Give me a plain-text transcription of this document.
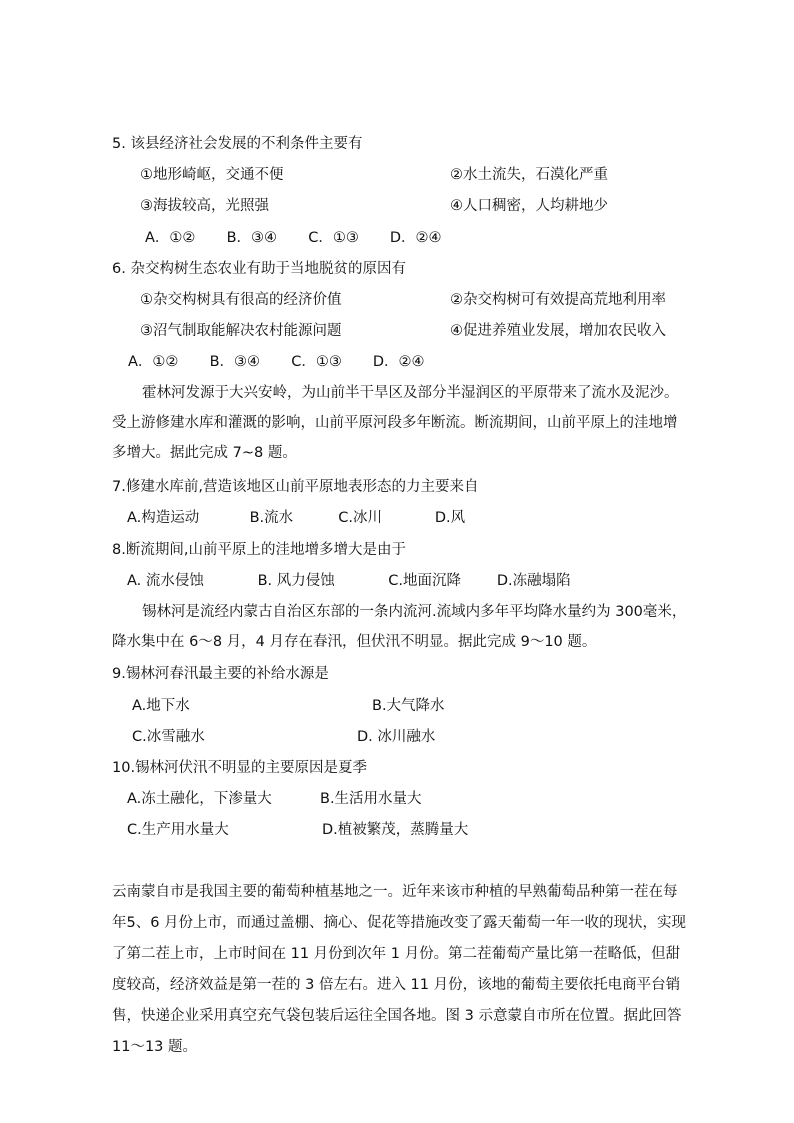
5. 该县经济社会发展的不利条件主要有
①地形崎岖，交通不便	②水土流失，石漠化严重
③海拔较高，光照强	④人口稠密，人均耕地少
A．①② B．③④ C．①③ D．②④
6. 杂交构树生态农业有助于当地脱贫的原因有
①杂交构树具有很高的经济价值	②杂交构树可有效提高荒地利用率
③沼气制取能解决农村能源问题	④促进养殖业发展，增加农民收入
A．①② B．③④ C．①③ D．②④
霍林河发源于大兴安岭，为山前半干旱区及部分半湿润区的平原带来了流水及泥沙。受上游修建水库和灌溉的影响，山前平原河段多年断流。断流期间，山前平原上的洼地增多增大。据此完成 7~8 题。
7.修建水库前,营造该地区山前平原地表形态的力主要来自
A.构造运动	B.流水	C.冰川	D.风
8.断流期间,山前平原上的洼地增多增大是由于
A. 流水侵蚀	B. 风力侵蚀	C.地面沉降 D.冻融塌陷
锡林河是流经内蒙古自治区东部的一条内流河.流域内多年平均降水量约为 300毫米，降水集中在 6～8 月，4 月存在春汛，但伏汛不明显。据此完成 9～10 题。
9.锡林河春汛最主要的补给水源是
A.地下水	B.大气降水
C.冰雪融水	D. 冰川融水
10.锡林河伏汛不明显的主要原因是夏季
A.冻土融化，下渗量大	B.生活用水量大
C.生产用水量大	D.植被繁茂，蒸腾量大
云南蒙自市是我国主要的葡萄种植基地之一。近年来该市种植的早熟葡萄品种第一茬在每年5、6 月份上市，而通过盖棚、摘心、促花等措施改变了露天葡萄一年一收的现状，实现了第二茬上市，上市时间在 11 月份到次年 1 月份。第二茬葡萄产量比第一茬略低，但甜度较高，经济效益是第一茬的 3 倍左右。进入 11 月份，该地的葡萄主要依托电商平台销售，快递企业采用真空充气袋包装后运往全国各地。图 3 示意蒙自市所在位置。据此回答 11～13 题。
